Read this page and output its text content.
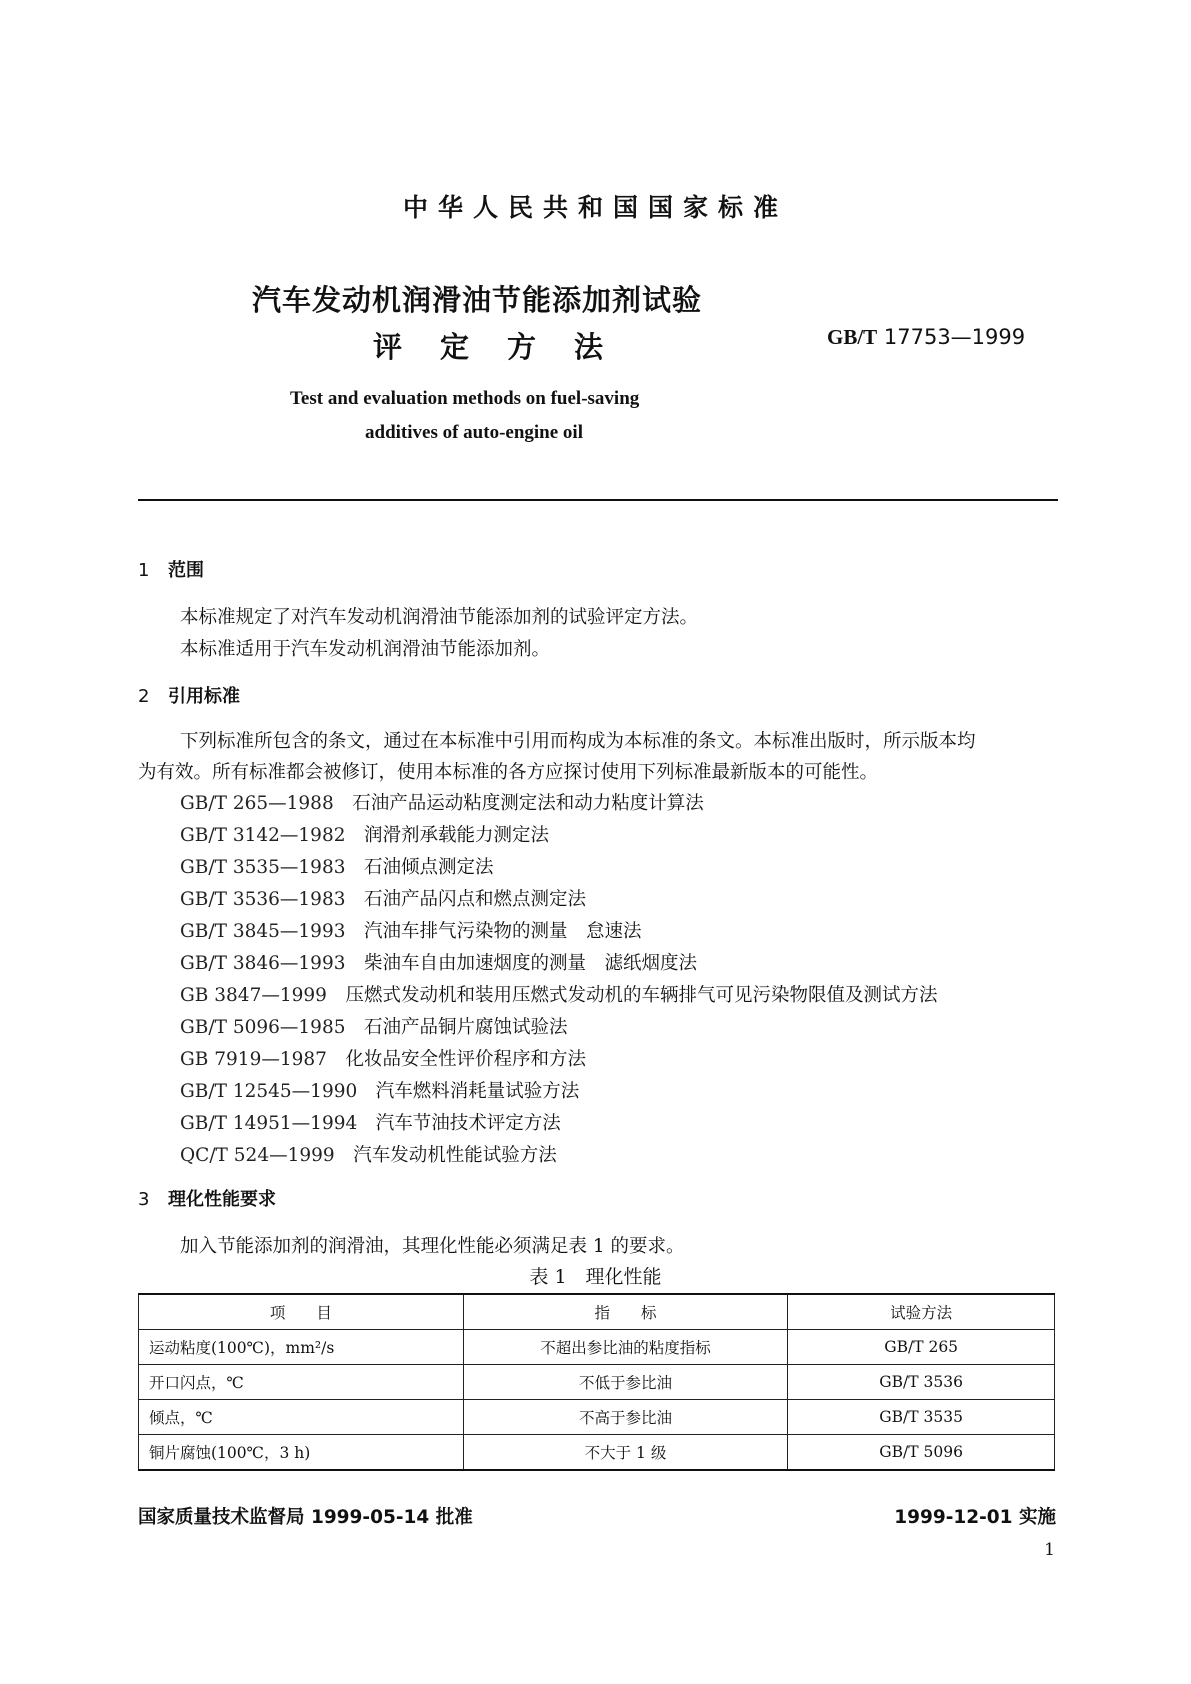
中华人民共和国国家标准
汽车发动机润滑油节能添加剂试验
评定方法	GB/T 17753—1999
Test and evaluation methods on fuel-saving
additives of auto-engine oil
1 范围
本标准规定了对汽车发动机润滑油节能添加剂的试验评定方法。
本标准适用于汽车发动机润滑油节能添加剂。
2 引用标准
下列标准所包含的条文，通过在本标准中引用而构成为本标准的条文。本标准出版时，所示版本均
为有效。所有标准都会被修订，使用本标准的各方应探讨使用下列标准最新版本的可能性。
GB/T 265—1988　 石油产品运动粘度测定法和动力粘度计算法
GB/T 3142—1982　 润滑剂承载能力测定法
GB/T 3535—1983　 石油倾点测定法
GB/T 3536—1983　 石油产品闪点和燃点测定法
GB/T 3845—1993　 汽油车排气污染物的测量　怠速法
GB/T 3846—1993　 柴油车自由加速烟度的测量　滤纸烟度法
GB 3847—1999　 压燃式发动机和装用压燃式发动机的车辆排气可见污染物限值及测试方法
GB/T 5096—1985　 石油产品铜片腐蚀试验法
GB 7919—1987　 化妆品安全性评价程序和方法
GB/T 12545—1990　 汽车燃料消耗量试验方法
GB/T 14951—1994　 汽车节油技术评定方法
QC/T 524—1999　 汽车发动机性能试验方法
3 理化性能要求
加入节能添加剂的润滑油，其理化性能必须满足表 1 的要求。
表 1　理化性能
项　　目	指　　标	试验方法
运动粘度(100℃)，mm²/s	不超出参比油的粘度指标	GB/T 265
开口闪点，℃	不低于参比油	GB/T 3536
倾点，℃	不高于参比油	GB/T 3535
铜片腐蚀(100℃，3 h)	不大于 1 级	GB/T 5096
国家质量技术监督局 1999-05-14 批准	1999-12-01 实施
1
